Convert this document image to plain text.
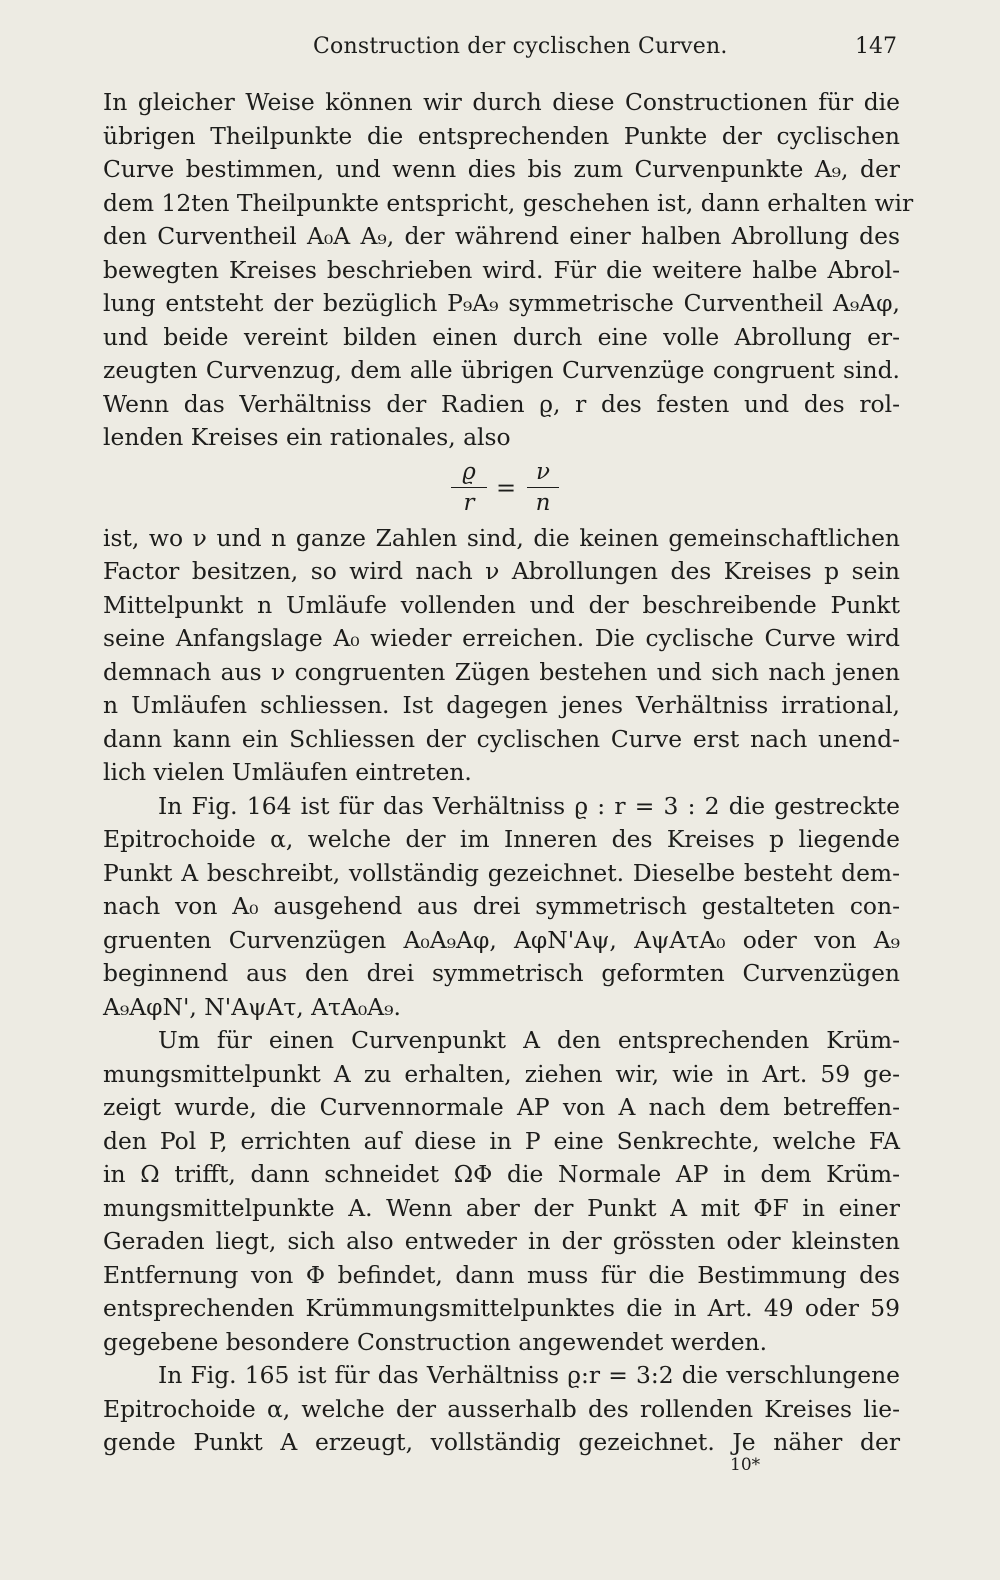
Construction der cyclischen Curven.	147
In gleicher Weise können wir durch diese Constructionen für die
übrigen Theilpunkte die entsprechenden Punkte der cyclischen
Curve bestimmen, und wenn dies bis zum Curvenpunkte A₉, der
dem 12ten Theilpunkte entspricht, geschehen ist, dann erhalten wir
den Curventheil A₀A A₉, der während einer halben Abrollung des
bewegten Kreises beschrieben wird. Für die weitere halbe Abrol-
lung entsteht der bezüglich P₉A₉ symmetrische Curventheil A₉Aφ,
und beide vereint bilden einen durch eine volle Abrollung er-
zeugten Curvenzug, dem alle übrigen Curvenzüge congruent sind.
Wenn das Verhältniss der Radien ϱ, r des festen und des rol-
lenden Kreises ein rationales, also
$\frac{ϱ}{r} = \frac{\nu}{n}$
ist, wo ν und n ganze Zahlen sind, die keinen gemeinschaftlichen
Factor besitzen, so wird nach ν Abrollungen des Kreises p sein
Mittelpunkt n Umläufe vollenden und der beschreibende Punkt
seine Anfangslage A₀ wieder erreichen. Die cyclische Curve wird
demnach aus ν congruenten Zügen bestehen und sich nach jenen
n Umläufen schliessen. Ist dagegen jenes Verhältniss irrational,
dann kann ein Schliessen der cyclischen Curve erst nach unend-
lich vielen Umläufen eintreten.
In Fig. 164 ist für das Verhältniss ϱ : r = 3 : 2 die gestreckte
Epitrochoide α, welche der im Inneren des Kreises p liegende
Punkt A beschreibt, vollständig gezeichnet. Dieselbe besteht dem-
nach von A₀ ausgehend aus drei symmetrisch gestalteten con-
gruenten Curvenzügen A₀A₉Aφ, AφN'Aψ, AψAτA₀ oder von A₉
beginnend aus den drei symmetrisch geformten Curvenzügen
A₉AφN', N'AψAτ, AτA₀A₉.
Um für einen Curvenpunkt A den entsprechenden Krüm-
mungsmittelpunkt A zu erhalten, ziehen wir, wie in Art. 59 ge-
zeigt wurde, die Curvennormale AP von A nach dem betreffen-
den Pol P, errichten auf diese in P eine Senkrechte, welche FA
in Ω trifft, dann schneidet ΩΦ die Normale AP in dem Krüm-
mungsmittelpunkte A. Wenn aber der Punkt A mit ΦF in einer
Geraden liegt, sich also entweder in der grössten oder kleinsten
Entfernung von Φ befindet, dann muss für die Bestimmung des
entsprechenden Krümmungsmittelpunktes die in Art. 49 oder 59
gegebene besondere Construction angewendet werden.
In Fig. 165 ist für das Verhältniss ϱ:r = 3:2 die verschlungene
Epitrochoide α, welche der ausserhalb des rollenden Kreises lie-
gende Punkt A erzeugt, vollständig gezeichnet. Je näher der
10*
